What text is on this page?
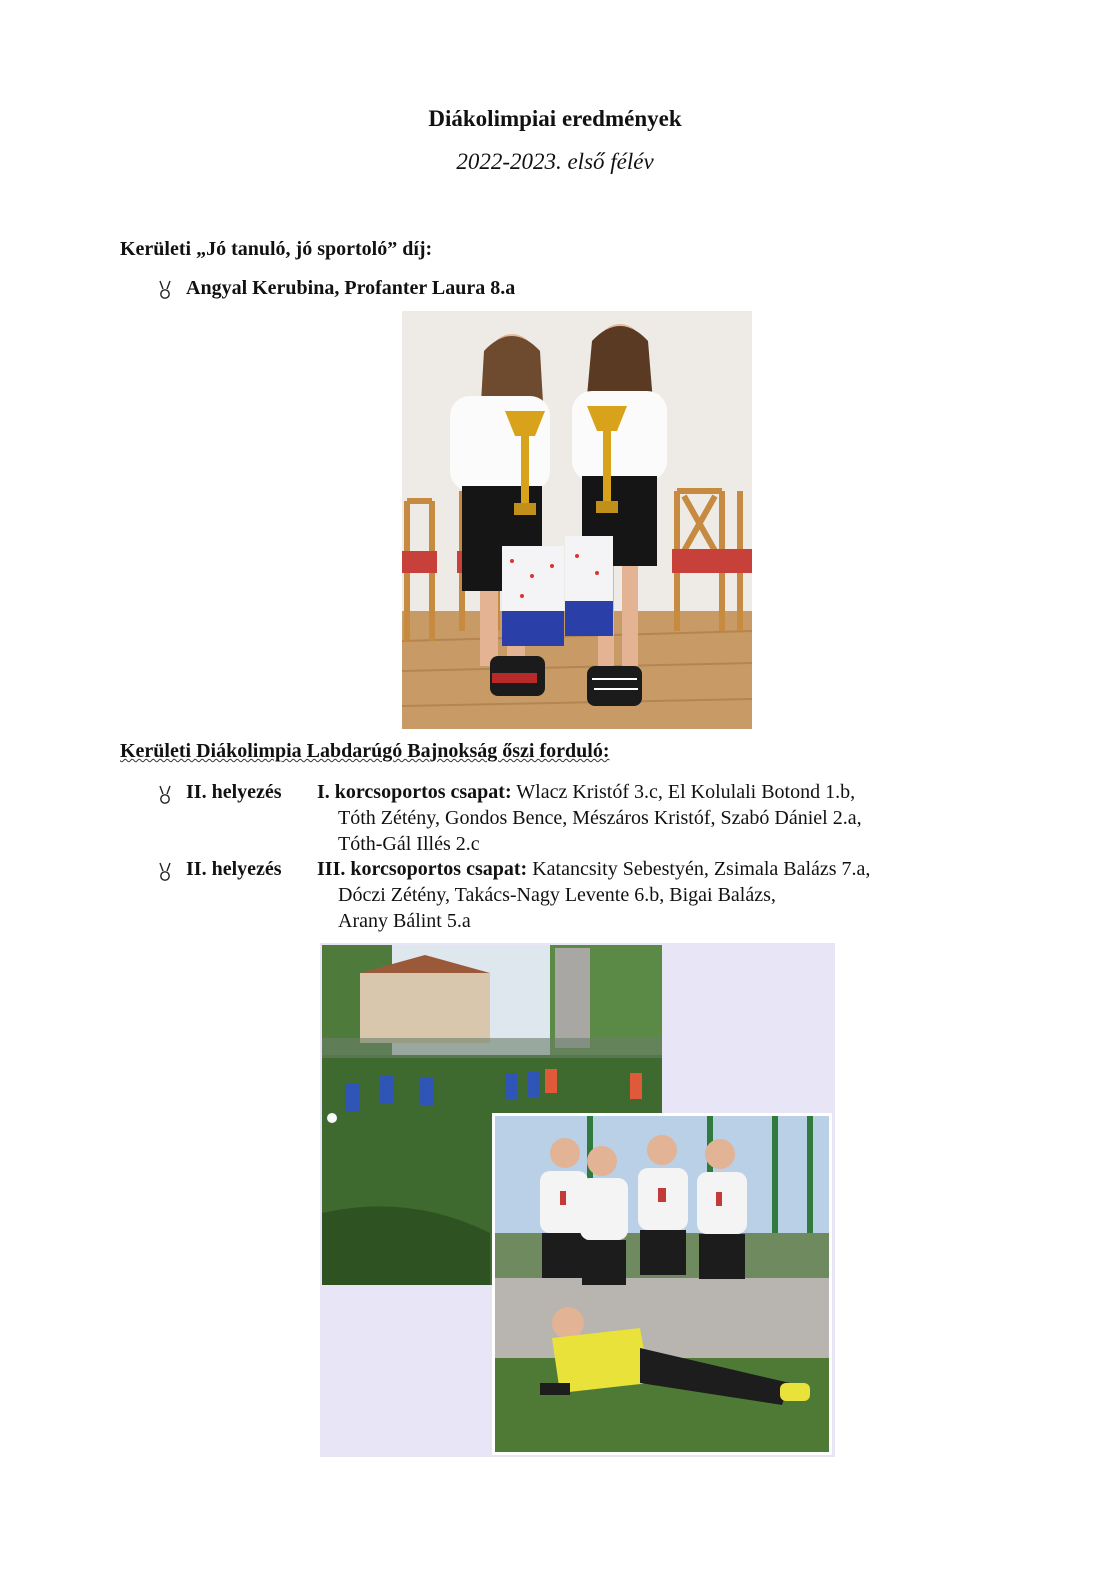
Diákolimpiai eredmények
2022-2023. első félév
Kerületi „Jó tanuló, jó sportoló” díj:
Angyal Kerubina, Profanter Laura 8.a
Kerületi Diákolimpia Labdarúgó Bajnokság őszi forduló:
II. helyezés I. korcsoportos csapat: Wlacz Kristóf 3.c, El Kolulali Botond 1.b,
Tóth Zétény, Gondos Bence, Mészáros Kristóf, Szabó Dániel 2.a,
Tóth-Gál Illés 2.c
II. helyezés III. korcsoportos csapat: Katancsity Sebestyén, Zsimala Balázs 7.a,
Dóczi Zétény, Takács-Nagy Levente 6.b, Bigai Balázs,
Arany Bálint 5.a
